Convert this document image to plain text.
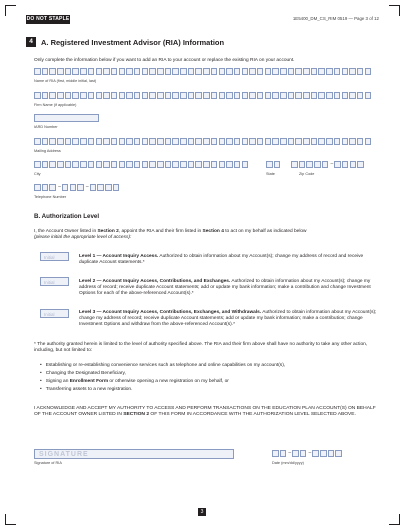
DO NOT STAPLE	1E5400_DM_CS_RIM 0519 — Page 3 of 12
4	A. Registered Investment Advisor (RIA) Information
Only complete the information below if you want to add an RIA to your account or replace the existing RIA on your account.
Name of RIA (first, middle initial, last)
Firm Name (if applicable)
IARD Number
Mailing Address
–
City	State	Zip Code
–	–
Telephone Number
B. Authorization Level
I, the Account Owner listed in Section 2, appoint the RIA and their firm listed in Section 4 to act on my behalf as indicated below
(please initial the appropriate level of access):
Initial	Level 1 — Account Inquiry Access. Authorized to obtain information about my Account(s); change my address of record and receive duplicate Account statements.*
Initial	Level 2 — Account Inquiry Access, Contributions, and Exchanges. Authorized to obtain information about my Account(s); change my address of record; receive duplicate Account statements; add or update my bank information; make a contribution and change Investment Options for each of the above-referenced Account(s).*
Initial	Level 3 — Account Inquiry Access, Contributions, Exchanges, and Withdrawals. Authorized to obtain information about my Account(s); change my address of record; receive duplicate Account statements; add or update my bank information; make a contribution; change Investment Options and withdraw from the above-referenced Account(s).*
* The authority granted herein is limited to the level of authority specified above. The RIA and their firm above shall have no authority to take any other action, including, but not limited to:
• Establishing or re-establishing convenience services such as telephone and online capabilities on my account(s),
• Changing the Designated Beneficiary,
• Signing an Enrollment Form or otherwise opening a new registration on my behalf, or
• Transferring assets to a new registration.
I ACKNOWLEDGE AND ACCEPT MY AUTHORITY TO ACCESS AND PERFORM TRANSACTIONS ON THE EDUCATION PLAN ACCOUNT(S) ON BEHALF OF THE ACCOUNT OWNER LISTED IN SECTION 2 OF THIS FORM IN ACCORDANCE WITH THE AUTHORIZATION LEVEL SELECTED ABOVE.
SIGNATURE
Signature of RIA
–	–
Date (mm/dd/yyyy)
3
